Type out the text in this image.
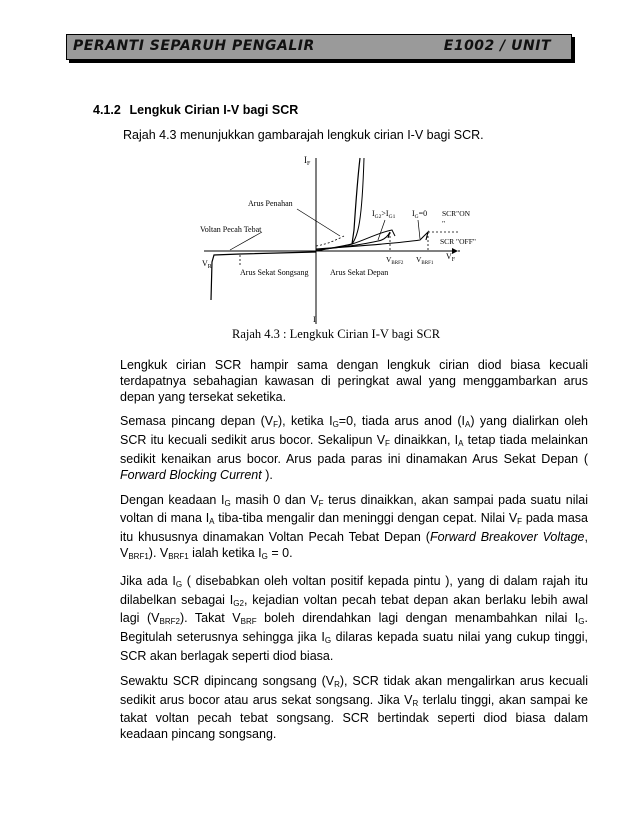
PERANTI SEPARUH PENGALIR	E1002 / UNIT
4.1.2 Lengkuk Cirian I-V bagi SCR
Rajah 4.3 menunjukkan gambarajah lengkuk cirian I-V bagi SCR.
$I_F$
I
Arus Penahan
Voltan Pecah Tebat
$V_R$
Arus Sekat Songsang	Arus Sekat Depan
$I_{G2}>I_{G1}$ $I_G=0$ SCR"ON
"
SCR "OFF"
$V_F$
$V_{BRF2}$ $V_{BRF1}$
Rajah 4.3 : Lengkuk Cirian I-V bagi SCR

Lengkuk cirian SCR hampir sama dengan lengkuk cirian diod biasa kecuali terdapatnya sebahagian kawasan di peringkat awal yang menggambarkan arus depan yang tersekat seketika.

Semasa pincang depan $(V_F)$, ketika $I_G=0$, tiada arus anod $(I_A)$ yang dialirkan oleh SCR itu kecuali sedikit arus bocor. Sekalipun $V_F$ dinaikkan, $I_A$ tetap tiada melainkan sedikit kenaikan arus bocor. Arus pada paras ini dinamakan Arus Sekat Depan ( Forward Blocking Current ).

Dengan keadaan $I_G$ masih 0 dan $V_F$ terus dinaikkan, akan sampai pada suatu nilai voltan di mana $I_A$ tiba-tiba mengalir dan meninggi dengan cepat. Nilai $V_F$ pada masa itu khususnya dinamakan Voltan Pecah Tebat Depan (Forward Breakover Voltage, $V_{BRF1}$). $V_{BRF1}$ ialah ketika $I_G = 0$.

Jika ada $I_G$ ( disebabkan oleh voltan positif kepada pintu ), yang di dalam rajah itu dilabelkan sebagai $I_{G2}$, kejadian voltan pecah tebat depan akan berlaku lebih awal lagi $(V_{BRF2})$. Takat $V_{BRF}$ boleh direndahkan lagi dengan menambahkan nilai $I_G$. Begitulah seterusnya sehingga jika $I_G$ dilaras kepada suatu nilai yang cukup tinggi, SCR akan berlagak seperti diod biasa.

Sewaktu SCR dipincang songsang $(V_R)$, SCR tidak akan mengalirkan arus kecuali sedikit arus bocor atau arus sekat songsang. Jika $V_R$ terlalu tinggi, akan sampai ke takat voltan pecah tebat songsang. SCR bertindak seperti diod biasa dalam keadaan pincang songsang.
